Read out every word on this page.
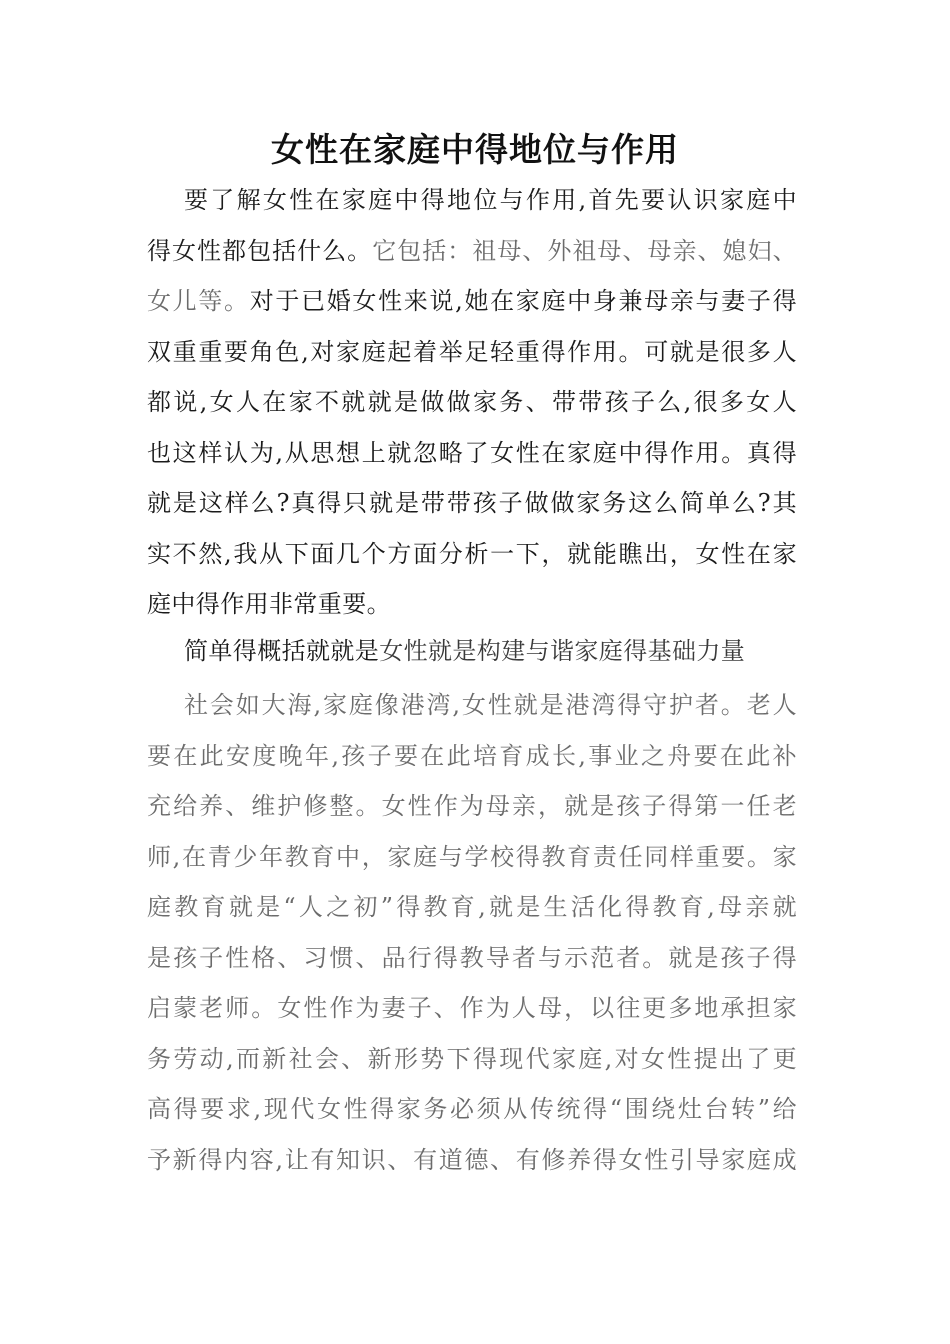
女性在家庭中得地位与作用
要了解女性在家庭中得地位与作用,首先要认识家庭中
得女性都包括什么。它包括：祖母、外祖母、母亲、媳妇、
女儿等。对于已婚女性来说,她在家庭中身兼母亲与妻子得
双重重要角色,对家庭起着举足轻重得作用。可就是很多人
都说,女人在家不就就是做做家务、带带孩子么,很多女人
也这样认为,从思想上就忽略了女性在家庭中得作用。真得
就是这样么?真得只就是带带孩子做做家务这么简单么?其
实不然,我从下面几个方面分析一下，就能瞧出，女性在家
庭中得作用非常重要。
简单得概括就就是女性就是构建与谐家庭得基础力量
社会如大海,家庭像港湾,女性就是港湾得守护者。老人
要在此安度晚年,孩子要在此培育成长,事业之舟要在此补
充给养、维护修整。女性作为母亲，就是孩子得第一任老
师,在青少年教育中，家庭与学校得教育责任同样重要。家
庭教育就是“人之初”得教育,就是生活化得教育,母亲就
是孩子性格、习惯、品行得教导者与示范者。就是孩子得
启蒙老师。女性作为妻子、作为人母，以往更多地承担家
务劳动,而新社会、新形势下得现代家庭,对女性提出了更
高得要求,现代女性得家务必须从传统得“围绕灶台转”给
予新得内容,让有知识、有道德、有修养得女性引导家庭成
